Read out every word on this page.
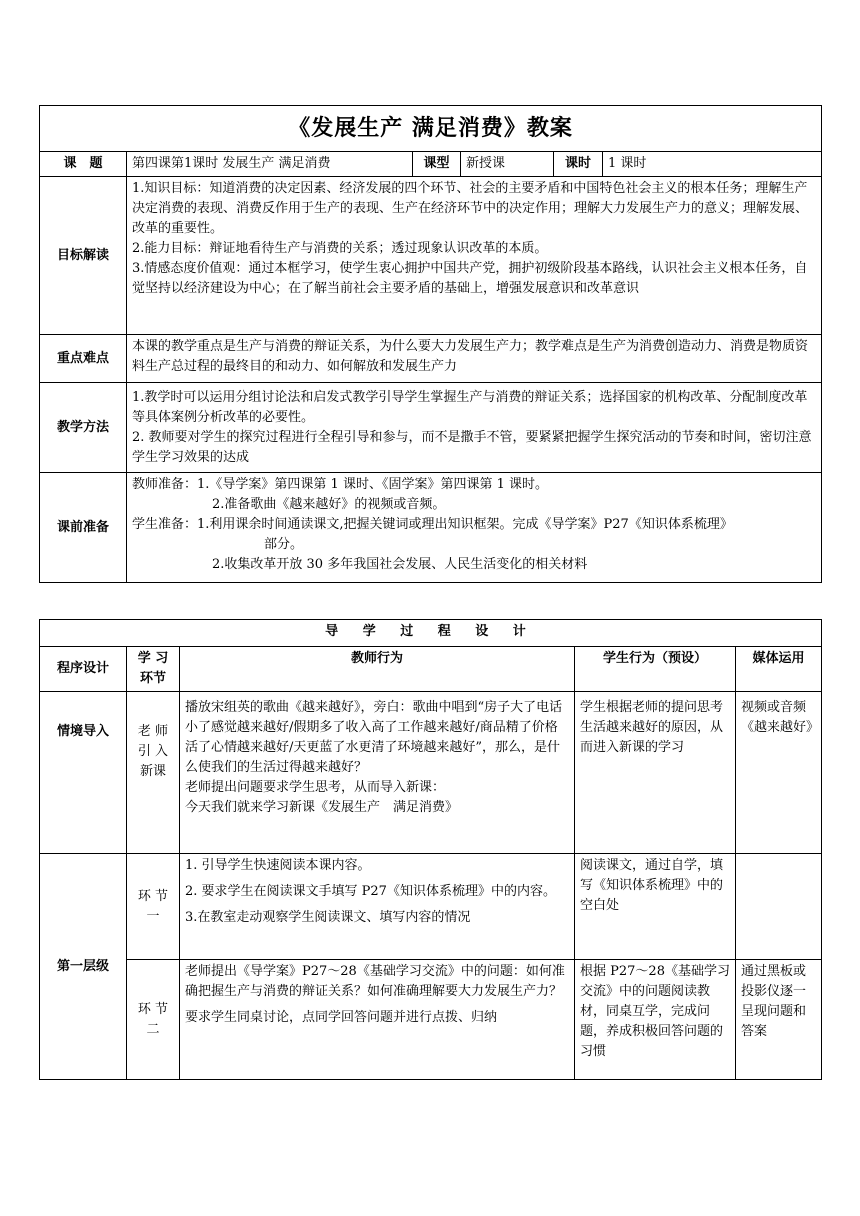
《发展生产 满足消费》教案					
课　题	第四课第1课时 发展生产 满足消费	课型	新授课	课时	1 课时
目标解读	1.知识目标：知道消费的决定因素、经济发展的四个环节、社会的主要矛盾和中国特色社会主义的根本任务；理解生产决定消费的表现、消费反作用于生产的表现、生产在经济环节中的决定作用；理解大力发展生产力的意义；理解发展、改革的重要性。

2.能力目标：辩证地看待生产与消费的关系；透过现象认识改革的本质。

3.情感态度价值观：通过本框学习，使学生衷心拥护中国共产党，拥护初级阶段基本路线，认识社会主义根本任务，自觉坚持以经济建设为中心；在了解当前社会主要矛盾的基础上，增强发展意识和改革意识				

重点难点	本课的教学重点是生产与消费的辩证关系，为什么要大力发展生产力；教学难点是生产为消费创造动力、消费是物质资料生产总过程的最终目的和动力、如何解放和发展生产力				
教学方法	1.教学时可以运用分组讨论法和启发式教学引导学生掌握生产与消费的辩证关系；选择国家的机构改革、分配制度改革等具体案例分析改革的必要性。

2. 教师要对学生的探究过程进行全程引导和参与，而不是撒手不管，要紧紧把握学生探究活动的节奏和时间，密切注意学生学习效果的达成				

课前准备	教师准备：1.《导学案》第四课第 1 课时、《固学案》第四课第 1 课时。

2.准备歌曲《越来越好》的视频或音频。

学生准备：1.利用课余时间通读课文,把握关键词或理出知识框架。完成《导学案》P27《知识体系梳理》

部分。

2.收集改革开放 30 多年我国社会发展、人民生活变化的相关材料				

导 学 过 程 设 计				
程序设计	学 习 环节	教师行为	学生行为（预设）	媒体运用
情境导入	老 师 引 入 新课	播放宋组英的歌曲《越来越好》，旁白：歌曲中唱到“房子大了电话小了感觉越来越好/假期多了收入高了工作越来越好/商品精了价格活了心情越来越好/天更蓝了水更清了环境越来越好”，那么，是什么使我们的生活过得越来越好？

老师提出问题要求学生思考，从而导入新课：

今天我们就来学习新课《发展生产　满足消费》	学生根据老师的提问思考生活越来越好的原因，从而进入新课的学习	视频或音频《越来越好》
第一层级	环 节 一	1. 引导学生快速阅读本课内容。

2. 要求学生在阅读课文手填写 P27《知识体系梳理》中的内容。

3.在教室走动观察学生阅读课文、填写内容的情况	阅读课文，通过自学，填写《知识体系梳理》中的空白处	
	环 节 二	老师提出《导学案》P27～28《基础学习交流》中的问题：如何准确把握生产与消费的辩证关系？如何准确理解要大力发展生产力？

要求学生同桌讨论，点同学回答问题并进行点拨、归纳	根据 P27～28《基础学习交流》中的问题阅读教材，同桌互学，完成问题，养成积极回答问题的习惯	通过黑板或投影仪逐一呈现问题和答案
